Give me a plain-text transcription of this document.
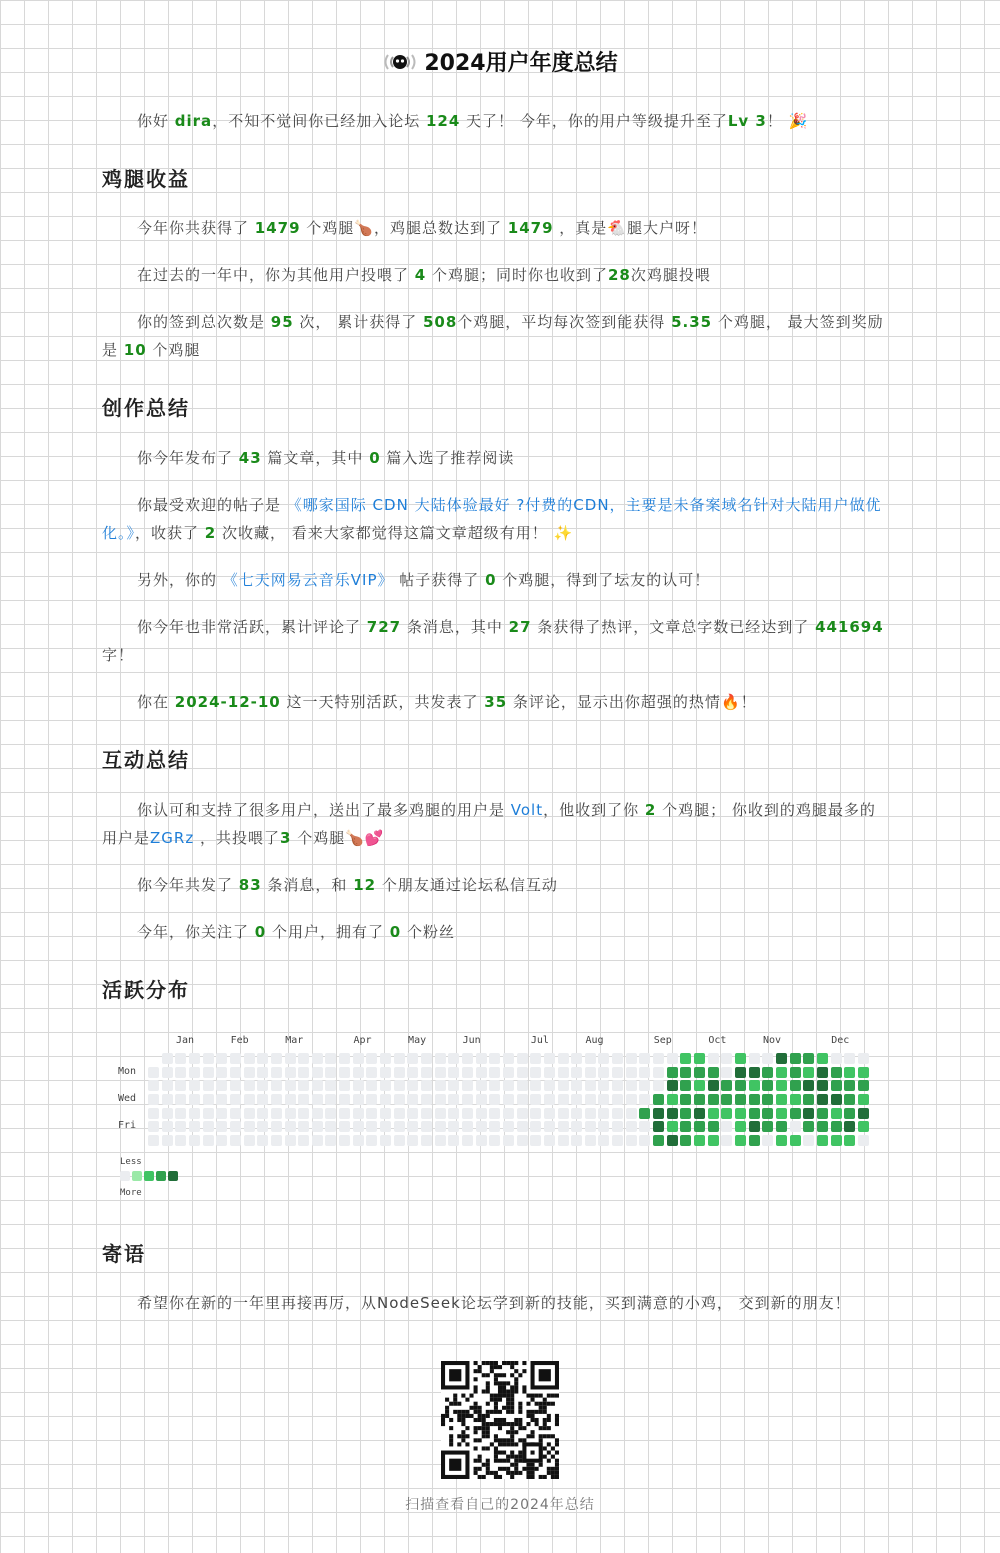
2024用户年度总结

你好 dira，不知不觉间你已经加入论坛 124 天了！ 今年，你的用户等级提升至了Lv 3！ 🎉

鸡腿收益

今年你共获得了 1479 个鸡腿🍗，鸡腿总数达到了 1479 ，真是🐔腿大户呀！

在过去的一年中，你为其他用户投喂了 4 个鸡腿；同时你也收到了28次鸡腿投喂

你的签到总次数是 95 次， 累计获得了 508个鸡腿，平均每次签到能获得 5.35 个鸡腿， 最大签到奖励是 10 个鸡腿

创作总结

你今年发布了 43 篇文章，其中 0 篇入选了推荐阅读

你最受欢迎的帖子是 《哪家国际 CDN 大陆体验最好 ?付费的CDN，主要是未备案域名针对大陆用户做优化。》，收获了 2 次收藏， 看来大家都觉得这篇文章超级有用！ ✨

另外，你的 《七天网易云音乐VIP》 帖子获得了 0 个鸡腿，得到了坛友的认可！

你今年也非常活跃，累计评论了 727 条消息，其中 27 条获得了热评，文章总字数已经达到了 441694 字！

你在 2024-12-10 这一天特别活跃，共发表了 35 条评论，显示出你超强的热情🔥！

互动总结

你认可和支持了很多用户，送出了最多鸡腿的用户是 Volt，他收到了你 2 个鸡腿； 你收到的鸡腿最多的用户是ZGRz ，共投喂了3 个鸡腿🍗💕

你今年共发了 83 条消息，和 12 个朋友通过论坛私信互动

今年，你关注了 0 个用户，拥有了 0 个粉丝

活跃分布
Jan	Feb	Mar	Apr	May	Jun	Jul	Aug	Sep	Oct	Nov	Dec
Mon
Wed
Fri
Less
More
寄语

希望你在新的一年里再接再厉，从NodeSeek论坛学到新的技能，买到满意的小鸡， 交到新的朋友！

扫描查看自己的2024年总结
